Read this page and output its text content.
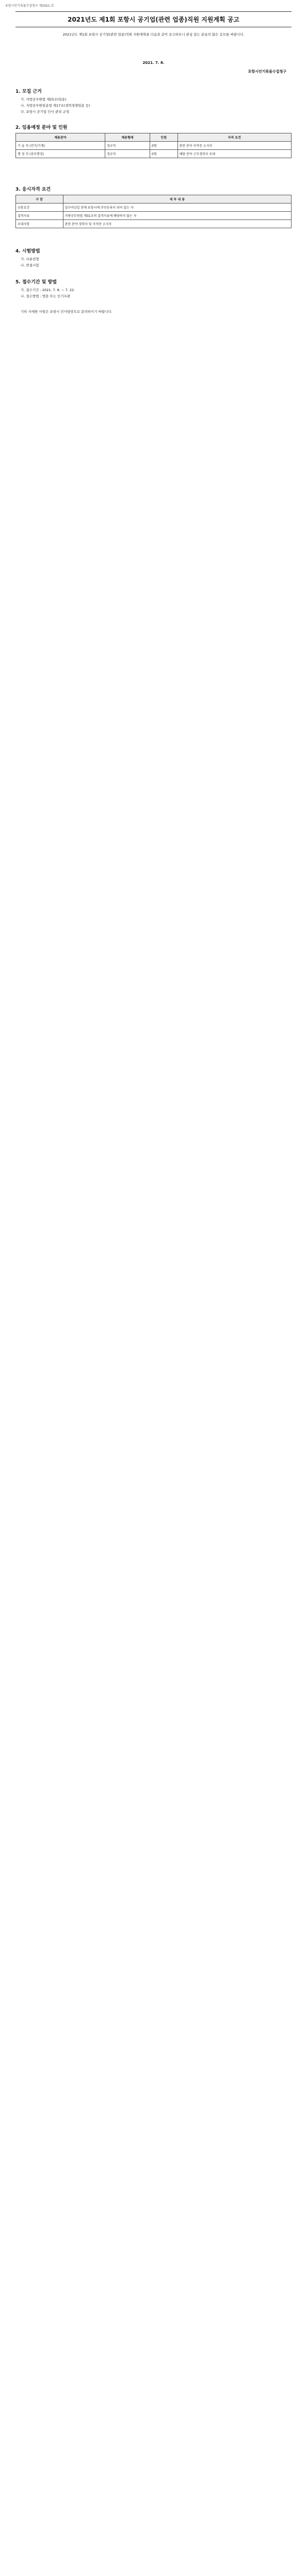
포항시민기록물수집청구 제2021-호
2021년도 제1회 포항시 공기업(관련 업종)직원 지원계획 공고
2021년도 제1회 포항시 공기업(관련 업종)직원 지원계획을 다음과 같이 공고하오니 관심 있는 분들의 많은 응모를 바랍니다.
2021. 7. 8.
포항시민기록물수집청구
1. 모집 근거
가. 지방공무원법 제25조(임용)
나. 지방공무원임용령 제17조(경력경쟁임용 등)
다. 포항시 공기업 인사 관리 규정
2. 임용예정 분야 및 인원
채용분야	채용형태	인원	자격 요건
기 술 직 (전기/기계)	정규직	0명	관련 분야 자격증 소지자
행 정 직 (총무행정)	정규직	0명	해당 분야 근무경력자 우대
3. 응시자격 요건
구 분	세 부 내 용
공통요건	접수마감일 현재 포항시에 주민등록이 되어 있는 자
결격사유	지방공무원법 제31조의 결격사유에 해당하지 않는 자
우대사항	관련 분야 경력자 및 자격증 소지자
4. 시험방법
가. 서류전형
나. 면접시험
5. 접수기간 및 방법
가. 접수기간 : 2021. 7. 8. ~ 7. 22.
나. 접수방법 : 방문 또는 등기우편
기타 자세한 사항은 포항시 인사담당으로 문의하시기 바랍니다.
